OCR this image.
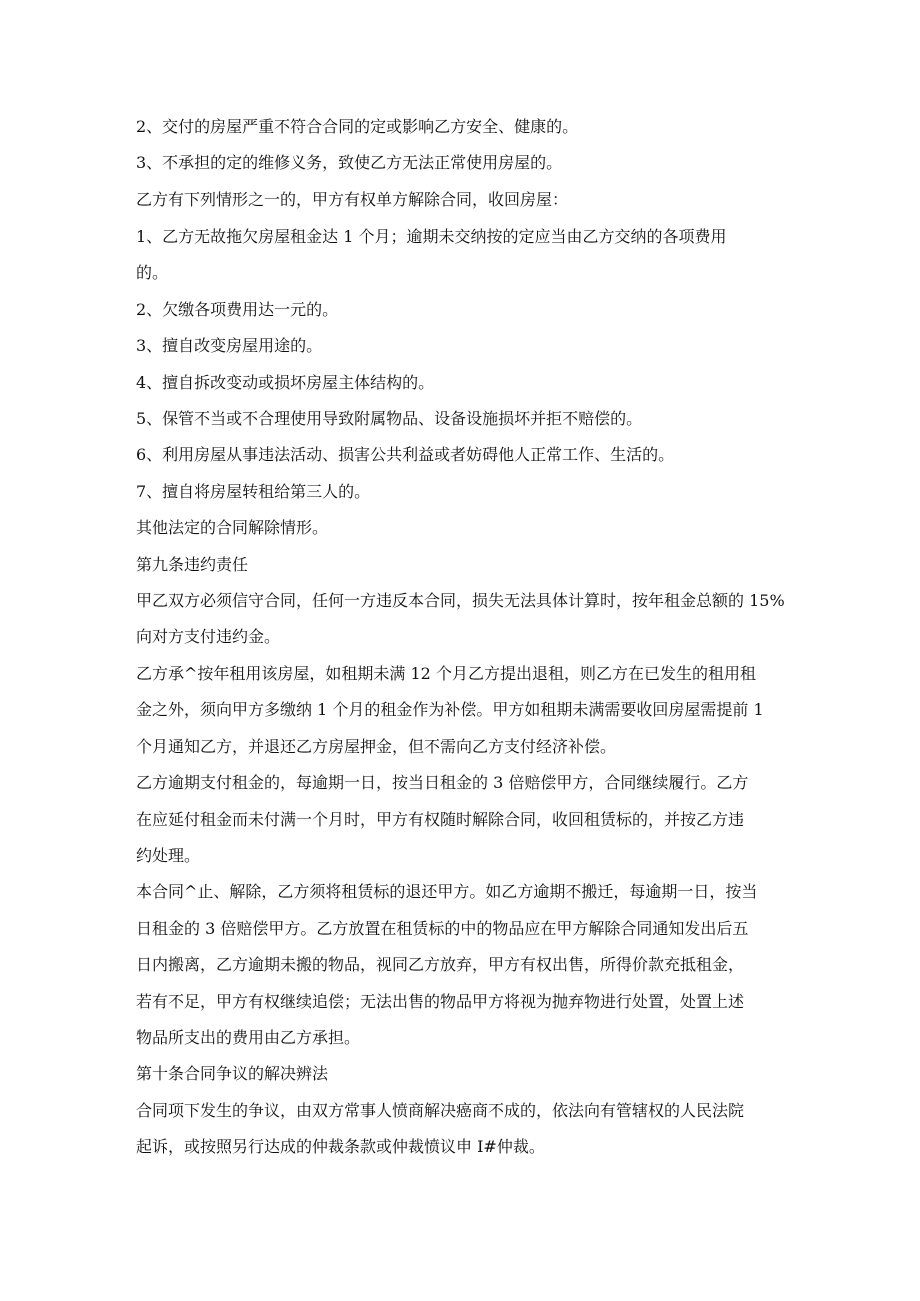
2、交付的房屋严重不符合合同的定或影响乙方安全、健康的。
3、不承担的定的维修义务，致使乙方无法正常使用房屋的。
乙方有下列情形之一的，甲方有权单方解除合同，收回房屋：
1、乙方无故拖欠房屋租金达 1 个月；逾期未交纳按的定应当由乙方交纳的各项费用
的。
2、欠缴各项费用达一元的。
3、擅自改变房屋用途的。
4、擅自拆改变动或损坏房屋主体结构的。
5、保管不当或不合理使用导致附属物品、设备设施损坏并拒不赔偿的。
6、利用房屋从事违法活动、损害公共利益或者妨碍他人正常工作、生活的。
7、擅自将房屋转租给第三人的。
其他法定的合同解除情形。
第九条违约责任
甲乙双方必须信守合同，任何一方违反本合同，损失无法具体计算时，按年租金总额的 15%
向对方支付违约金。
乙方承^按年租用该房屋，如租期未满 12 个月乙方提出退租，则乙方在已发生的租用租
金之外，须向甲方多缴纳 1 个月的租金作为补偿。甲方如租期未满需要收回房屋需提前 1
个月通知乙方，并退还乙方房屋押金，但不需向乙方支付经济补偿。
乙方逾期支付租金的，每逾期一日，按当日租金的 3 倍赔偿甲方，合同继续履行。乙方
在应延付租金而未付满一个月时，甲方有权随时解除合同，收回租赁标的，并按乙方违
约处理。
本合同^止、解除，乙方须将租赁标的退还甲方。如乙方逾期不搬迁，每逾期一日，按当
日租金的 3 倍赔偿甲方。乙方放置在租赁标的中的物品应在甲方解除合同通知发出后五
日内搬离，乙方逾期未搬的物品，视同乙方放弃，甲方有权出售，所得价款充抵租金，
若有不足，甲方有权继续追偿；无法出售的物品甲方将视为抛弃物进行处置，处置上述
物品所支出的费用由乙方承担。
第十条合同争议的解决辨法
合同项下发生的争议，由双方常事人愤商解决癌商不成的，依法向有管辖权的人民法院
起诉，或按照另行达成的仲裁条款或仲裁愤议申 I#仲裁。
